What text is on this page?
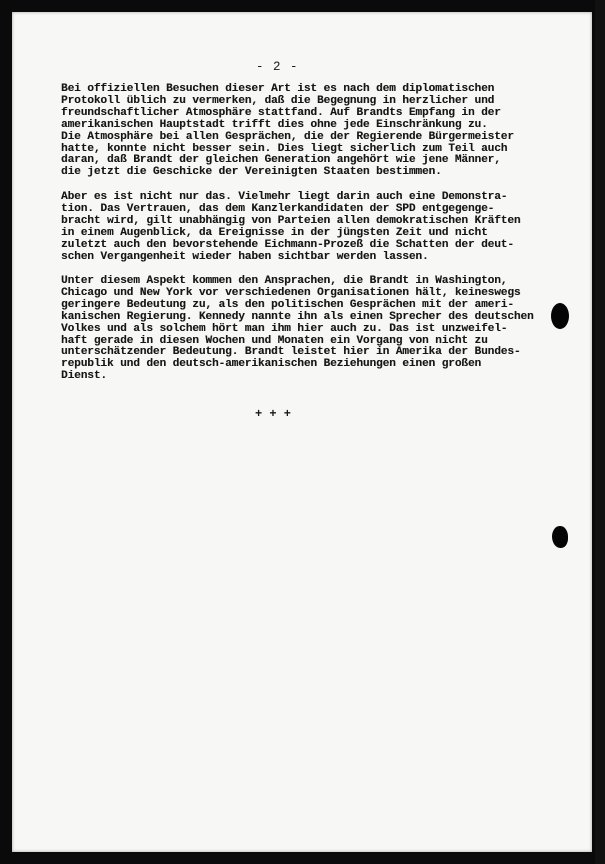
- 2 -
Bei offiziellen Besuchen dieser Art ist es nach dem diplomatischen
Protokoll üblich zu vermerken, daß die Begegnung in herzlicher und
freundschaftlicher Atmosphäre stattfand. Auf Brandts Empfang in der
amerikanischen Hauptstadt trifft dies ohne jede Einschränkung zu.
Die Atmosphäre bei allen Gesprächen, die der Regierende Bürgermeister
hatte, konnte nicht besser sein. Dies liegt sicherlich zum Teil auch
daran, daß Brandt der gleichen Generation angehört wie jene Männer,
die jetzt die Geschicke der Vereinigten Staaten bestimmen.
Aber es ist nicht nur das. Vielmehr liegt darin auch eine Demonstra-
tion. Das Vertrauen, das dem Kanzlerkandidaten der SPD entgegenge-
bracht wird, gilt unabhängig von Parteien allen demokratischen Kräften
in einem Augenblick, da Ereignisse in der jüngsten Zeit und nicht
zuletzt auch den bevorstehende Eichmann-Prozeß die Schatten der deut-
schen Vergangenheit wieder haben sichtbar werden lassen.
Unter diesem Aspekt kommen den Ansprachen, die Brandt in Washington,
Chicago und New York vor verschiedenen Organisationen hält, keineswegs
geringere Bedeutung zu, als den politischen Gesprächen mit der ameri-
kanischen Regierung. Kennedy nannte ihn als einen Sprecher des deutschen
Volkes und als solchem hört man ihm hier auch zu. Das ist unzweifel-
haft gerade in diesen Wochen und Monaten ein Vorgang von nicht zu
unterschätzender Bedeutung. Brandt leistet hier in Amerika der Bundes-
republik und den deutsch-amerikanischen Beziehungen einen großen
Dienst.
+ + +
